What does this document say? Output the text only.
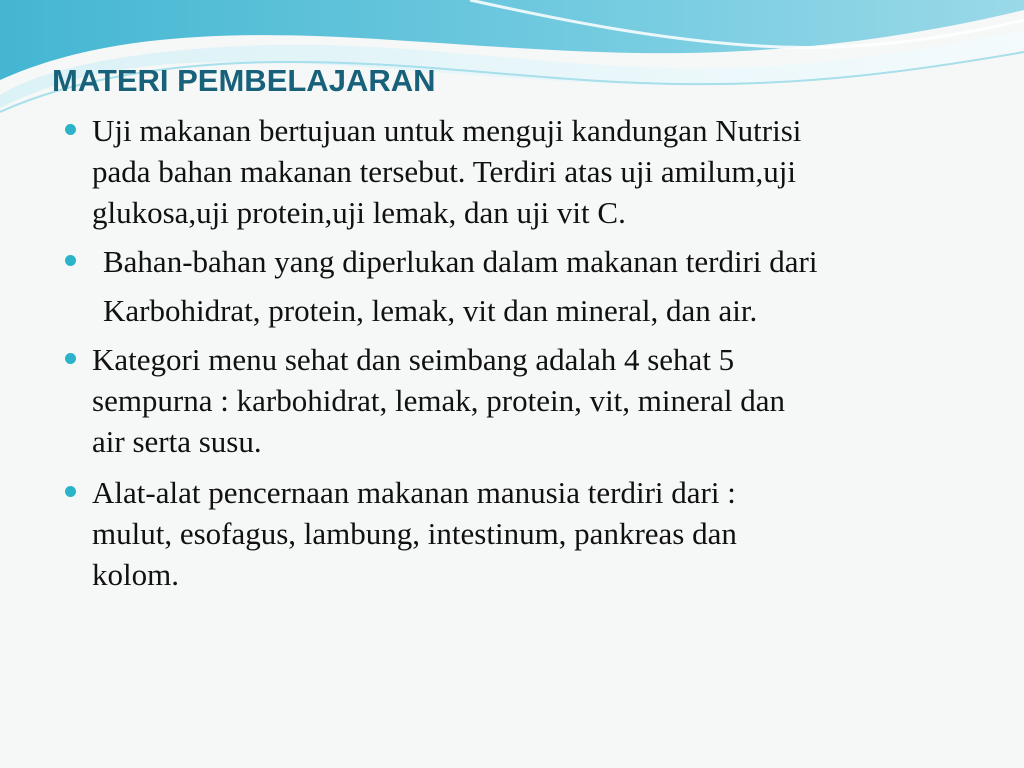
MATERI PEMBELAJARAN
Uji makanan bertujuan untuk menguji kandungan Nutrisi
pada bahan makanan tersebut. Terdiri atas uji amilum,uji
glukosa,uji protein,uji lemak, dan uji vit C.
Bahan-bahan yang diperlukan dalam makanan terdiri dari
Karbohidrat, protein, lemak, vit dan mineral, dan air.
Kategori menu sehat dan seimbang adalah 4 sehat 5
sempurna : karbohidrat, lemak, protein, vit, mineral dan
air serta susu.
Alat-alat pencernaan makanan manusia terdiri dari :
mulut, esofagus, lambung, intestinum, pankreas dan
kolom.
